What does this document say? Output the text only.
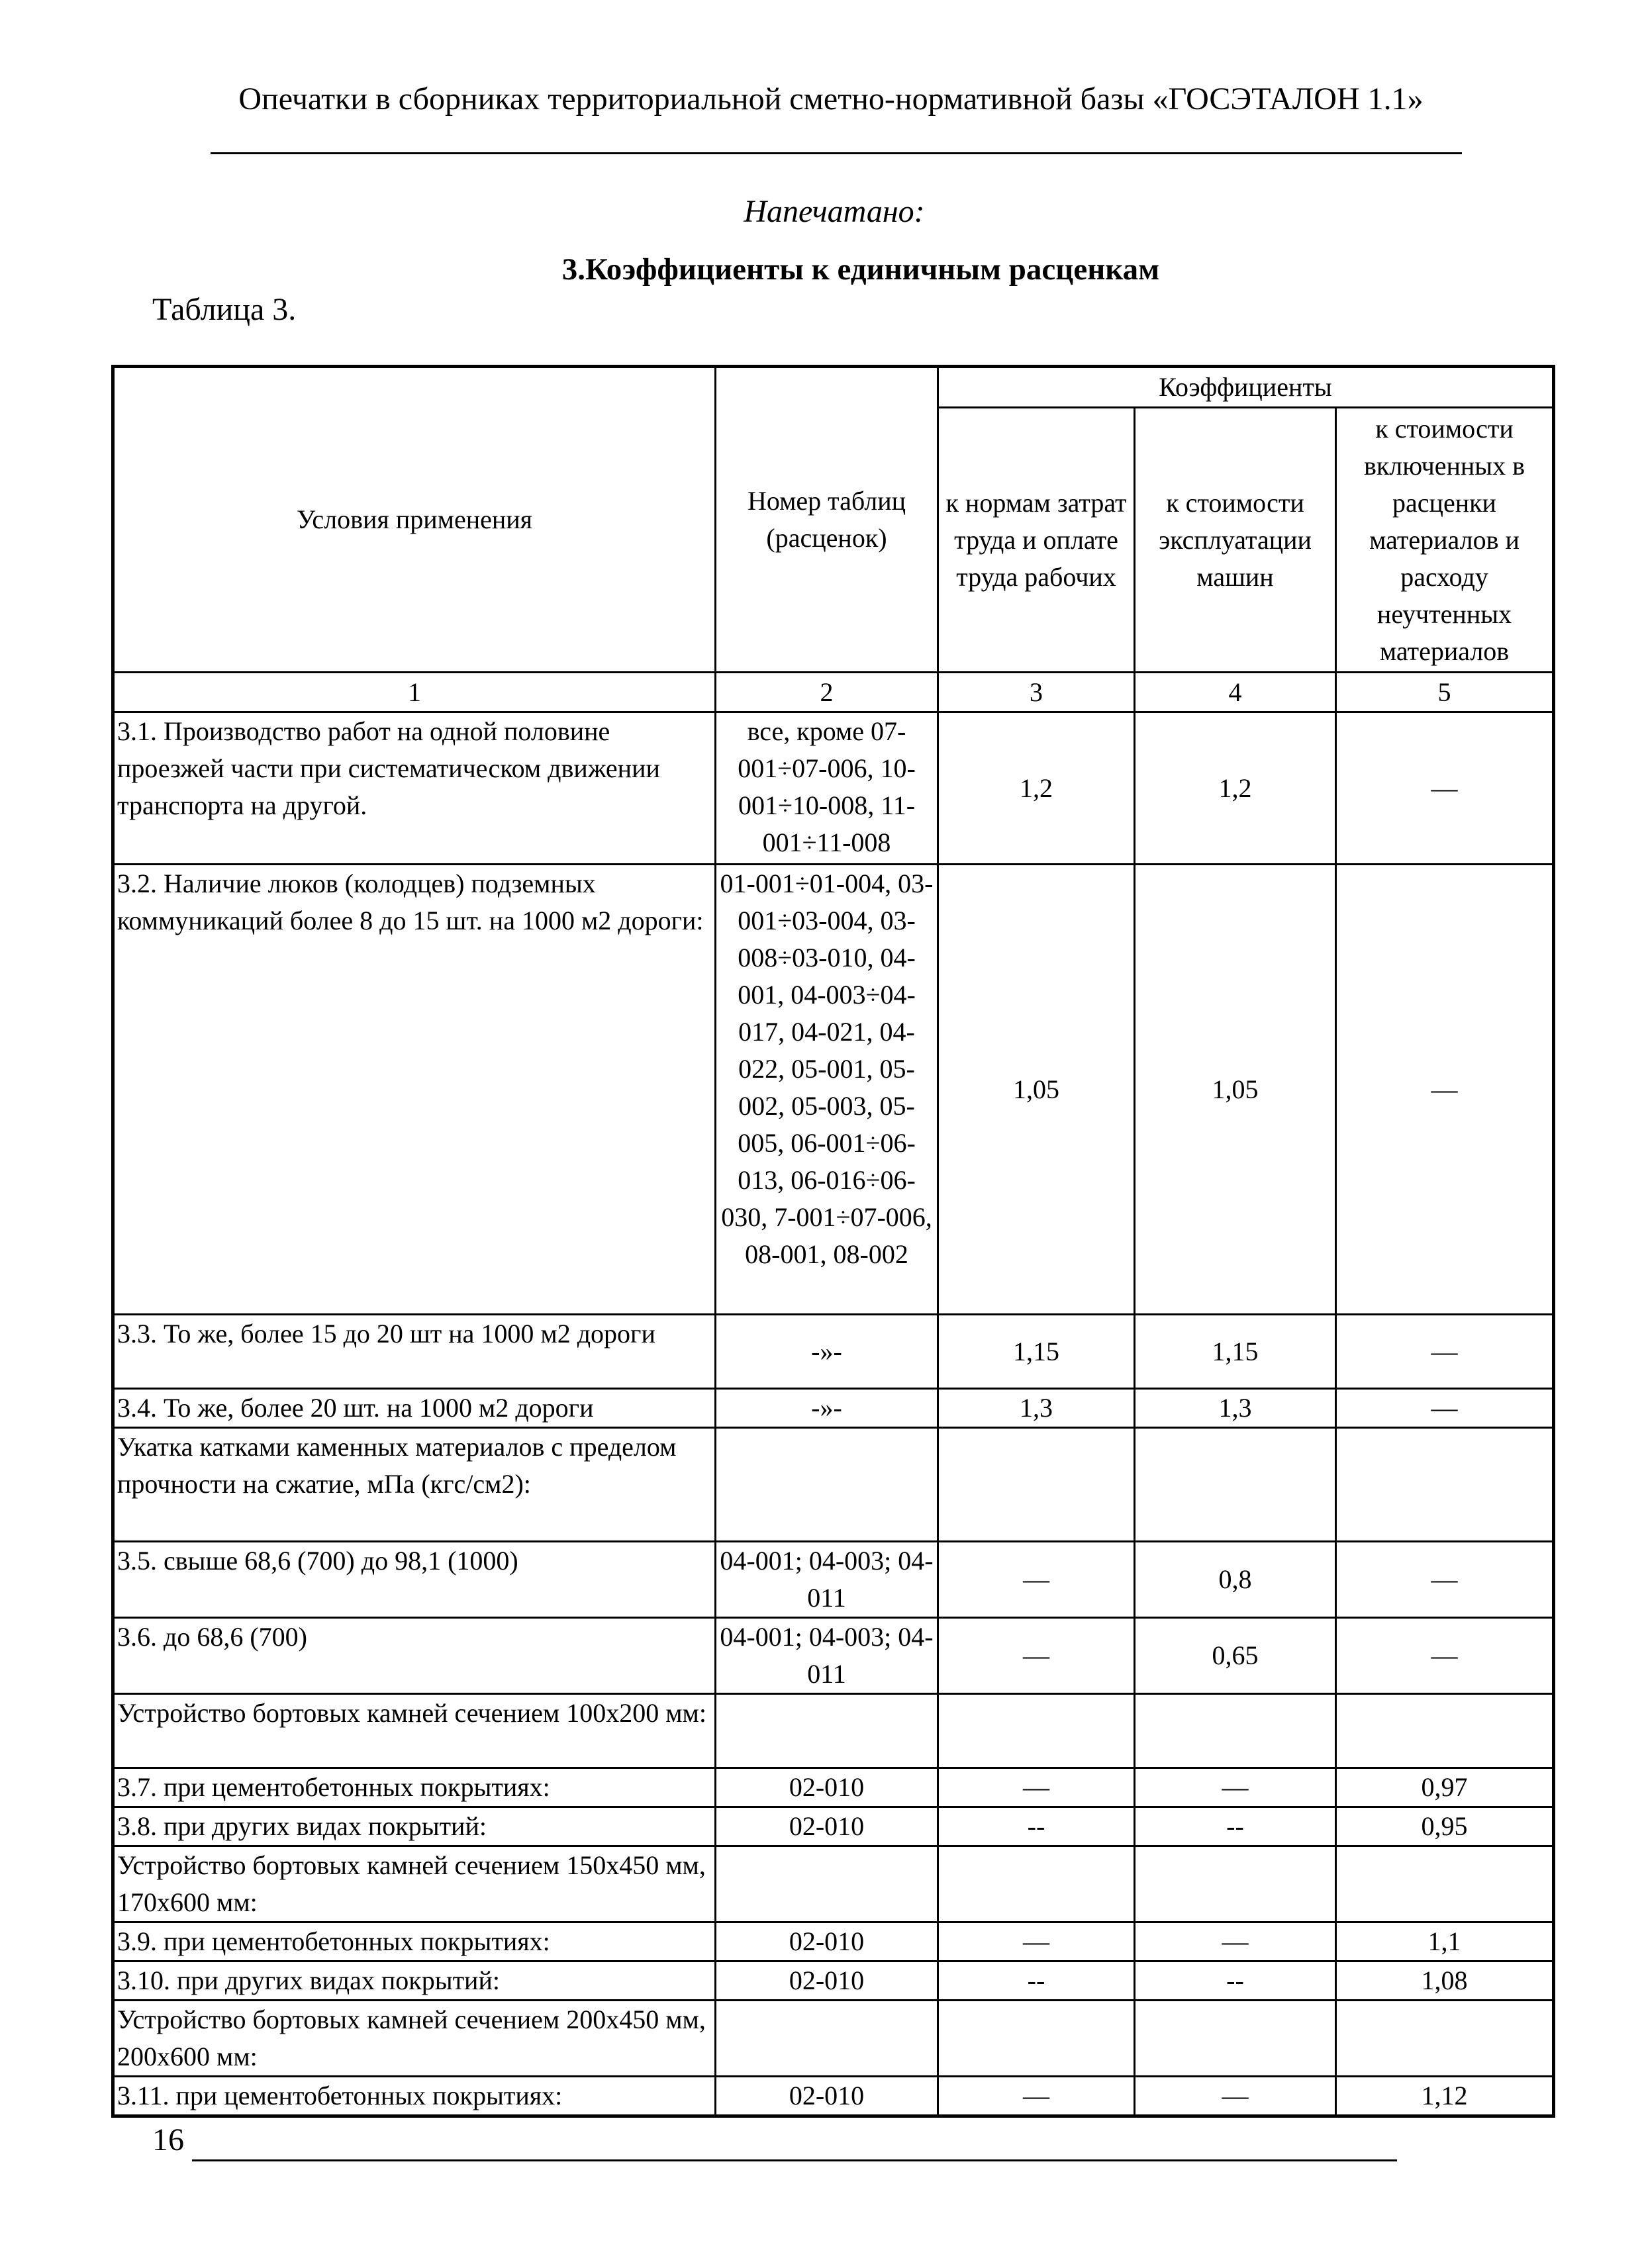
Опечатки в сборниках территориальной сметно-нормативной базы «ГОСЭТАЛОН 1.1»
Напечатано:
3.Коэффициенты к единичным расценкам
Таблица 3.
Условия применения	Номер таблиц (расценок)	Коэффициенты		
		к нормам затрат труда и оплате труда рабочих	к стоимости эксплуатации машин	к стоимости включенных в расценки материалов и расходу неучтенных материалов
1	2	3	4	5
3.1. Производство работ на одной половине проезжей части при систематическом движении транспорта на другой.	все, кроме 07-001÷07-006, 10-001÷10-008, 11-001÷11-008	1,2	1,2	—
3.2. Наличие люков (колодцев) подземных коммуникаций более 8 до 15 шт. на 1000 м2 дороги:	01-001÷01-004, 03-001÷03-004, 03-008÷03-010, 04-001, 04-003÷04-017, 04-021, 04-022, 05-001, 05-002, 05-003, 05-005, 06-001÷06-013, 06-016÷06-030, 7-001÷07-006, 08-001, 08-002	1,05	1,05	—
3.3. То же, более 15 до 20 шт на 1000 м2 дороги	-»-	1,15	1,15	—
3.4. То же, более 20 шт. на 1000 м2 дороги	-»-	1,3	1,3	—
Укатка катками каменных материалов с пределом прочности на сжатие, мПа (кгс/см2):				
3.5. свыше 68,6 (700) до 98,1 (1000)	04-001; 04-003; 04-011	—	0,8	—
3.6. до 68,6 (700)	04-001; 04-003; 04-011	—	0,65	—
Устройство бортовых камней сечением 100х200 мм:				
3.7. при цементобетонных покрытиях:	02-010	—	—	0,97
3.8. при других видах покрытий:	02-010	--	--	0,95
Устройство бортовых камней сечением 150х450 мм, 170х600 мм:				
3.9. при цементобетонных покрытиях:	02-010	—	—	1,1
3.10. при других видах покрытий:	02-010	--	--	1,08
Устройство бортовых камней сечением 200х450 мм, 200х600 мм:				
3.11. при цементобетонных покрытиях:	02-010	—	—	1,12
16
